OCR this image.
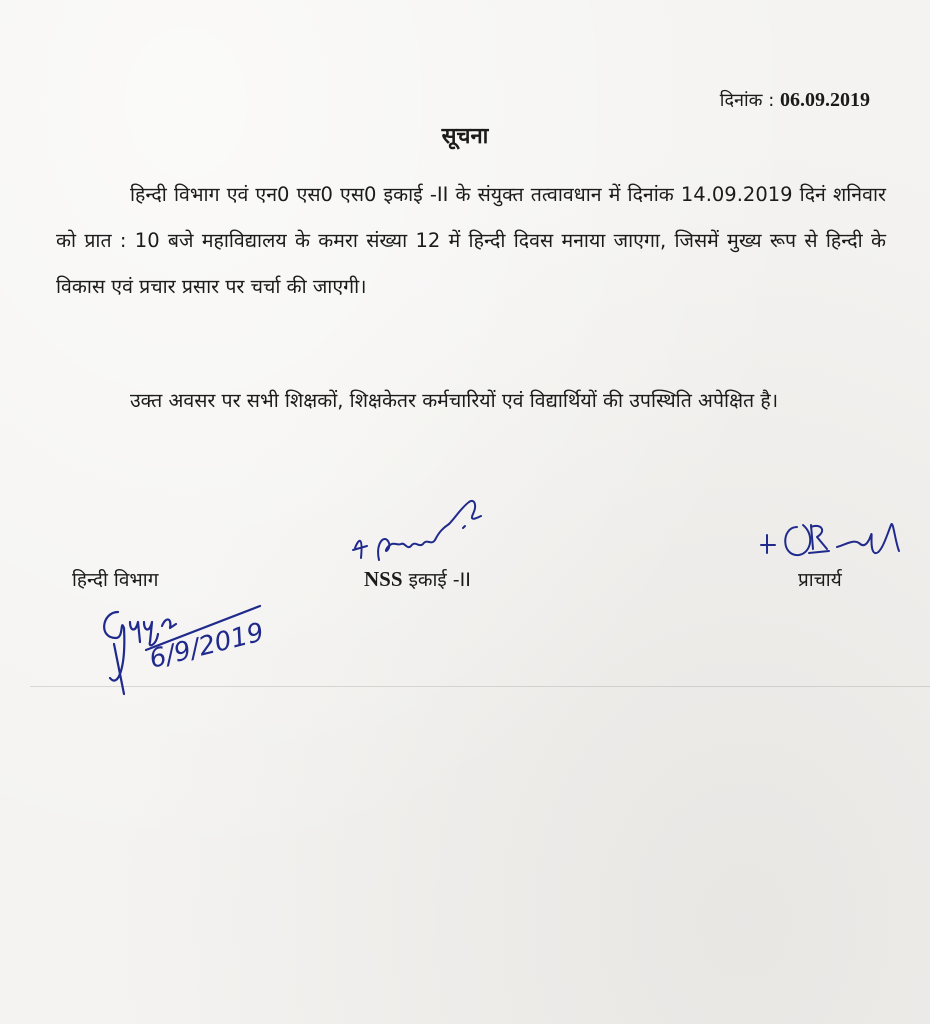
दिनांक : 06.09.2019
सूचना

हिन्दी विभाग एवं एन0 एस0 एस0 इकाई -II के संयुक्त तत्वावधान में दिनांक 14.09.2019 दिनं शनिवार को प्रात : 10 बजे महाविद्यालय के कमरा संख्या 12 में हिन्दी दिवस मनाया जाएगा, जिसमें मुख्य रूप से हिन्दी के विकास एवं प्रचार प्रसार पर चर्चा की जाएगी।

उक्त अवसर पर सभी शिक्षकों, शिक्षकेतर कर्मचारियों एवं विद्यार्थियों की उपस्थिति अपेक्षित है।

हिन्दी विभाग	NSS इकाई -II	प्राचार्य
6/9/2019
